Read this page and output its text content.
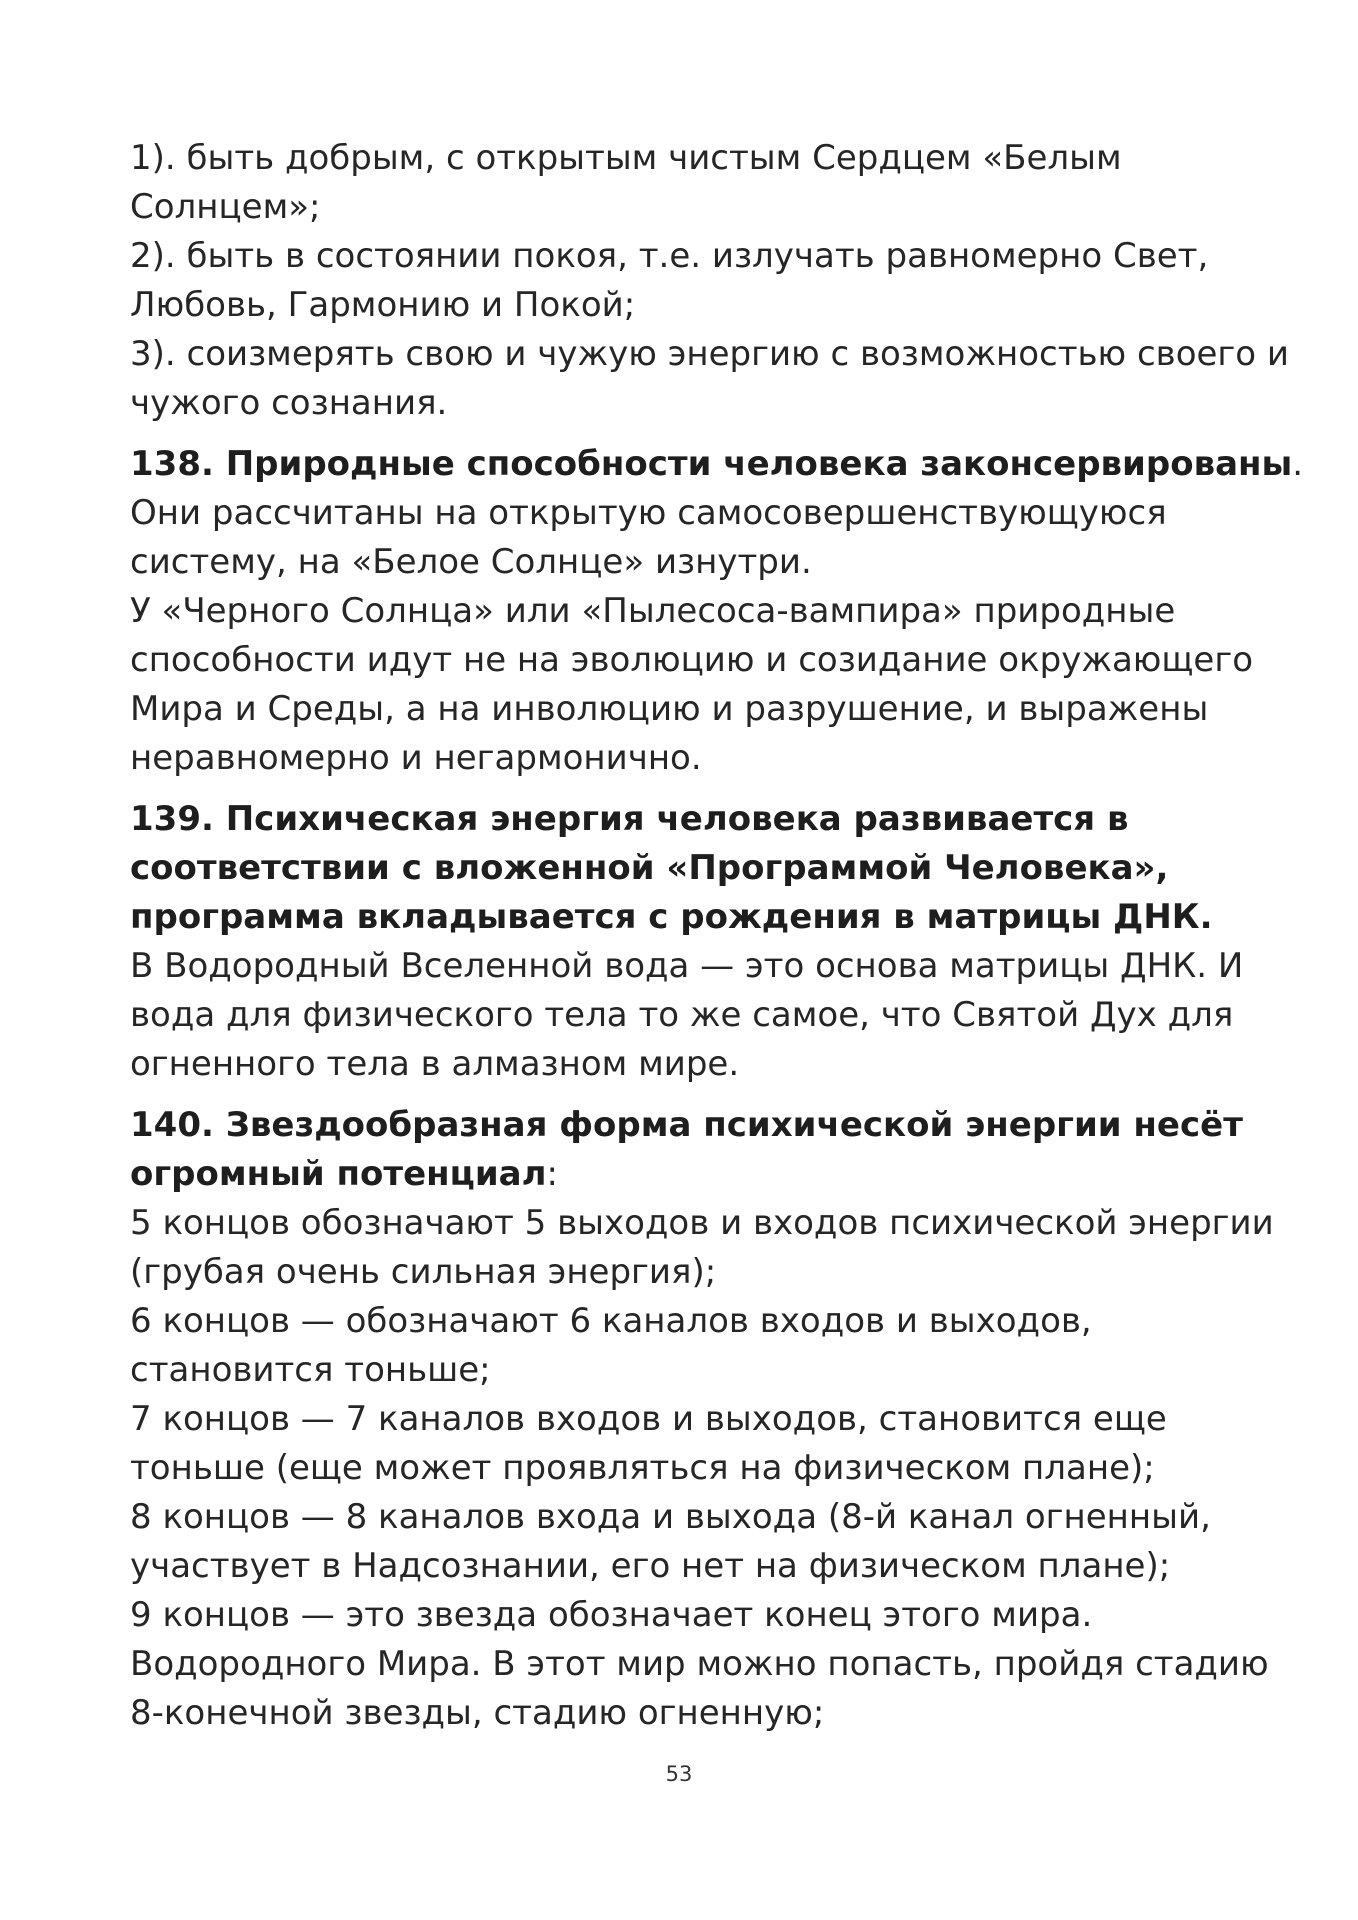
1). быть добрым, с открытым чистым Сердцем «Белым
Солнцем»;
2). быть в состоянии покоя, т.е. излучать равномерно Свет,
Любовь, Гармонию и Покой;
3). соизмерять свою и чужую энергию с возможностью своего и
чужого сознания.
138. Природные способности человека законсервированы.
Они рассчитаны на открытую самосовершенствующуюся
систему, на «Белое Солнце» изнутри.
У «Черного Солнца» или «Пылесоса-вампира» природные
способности идут не на эволюцию и созидание окружающего
Мира и Среды, а на инволюцию и разрушение, и выражены
неравномерно и негармонично.
139. Психическая энергия человека развивается в
соответствии с вложенной «Программой Человека»,
программа вкладывается с рождения в матрицы ДНК.
В Водородный Вселенной вода — это основа матрицы ДНК. И
вода для физического тела то же самое, что Святой Дух для
огненного тела в алмазном мире.
140. Звездообразная форма психической энергии несёт
огромный потенциал:
5 концов обозначают 5 выходов и входов психической энергии
(грубая очень сильная энергия);
6 концов — обозначают 6 каналов входов и выходов,
становится тоньше;
7 концов — 7 каналов входов и выходов, становится еще
тоньше (еще может проявляться на физическом плане);
8 концов — 8 каналов входа и выхода (8-й канал огненный,
участвует в Надсознании, его нет на физическом плане);
9 концов — это звезда обозначает конец этого мира.
Водородного Мира. В этот мир можно попасть, пройдя стадию
8-конечной звезды, стадию огненную;
53
